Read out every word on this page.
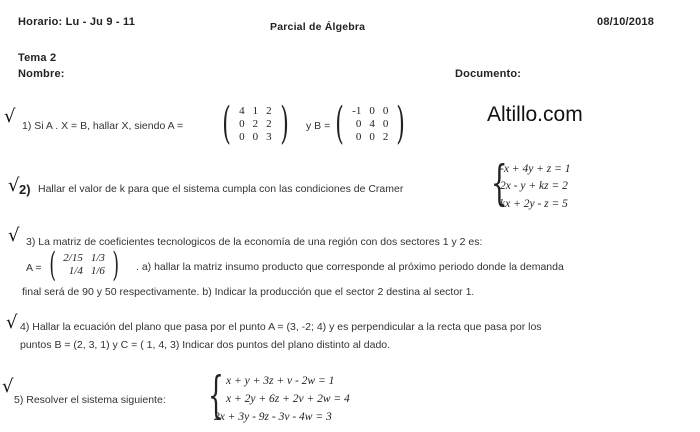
Horario: Lu - Ju 9 - 11	Parcial de Álgebra	08/10/2018
Tema 2
Nombre:	Documento:
Altillo.com
√ 1) Si A . X = B, hallar X, siendo A = ( 4	1	2
0	2	2
0	0	3 ) y B = ( -1	0	0
0	4	0
0	0	2 )
√ 2) Hallar el valor de k para que el sistema cumpla con las condiciones de Cramer {
-x + 4y + z = 1
2x - y + kz = 2
kx + 2y - z = 5
√ 3) La matriz de coeficientes tecnologicos de la economía de una región con dos sectores 1 y 2 es:
A = ( 2/15	1/3
1/4	1/6 ) . a) hallar la matriz insumo producto que corresponde al próximo periodo donde la demanda
final será de 90 y 50 respectivamente. b) Indicar la producción que el sector 2 destina al sector 1.
√ 4) Hallar la ecuación del plano que pasa por el punto A = (3, -2; 4) y es perpendicular a la recta que pasa por los
puntos B = (2, 3, 1) y C = ( 1, 4, 3) Indicar dos puntos del plano distinto al dado.
√
5) Resolver el sistema siguiente: { x + y + 3z + v - 2w = 1
x + 2y + 6z + 2v + 2w = 4
2x + 3y - 9z - 3v - 4w = 3
